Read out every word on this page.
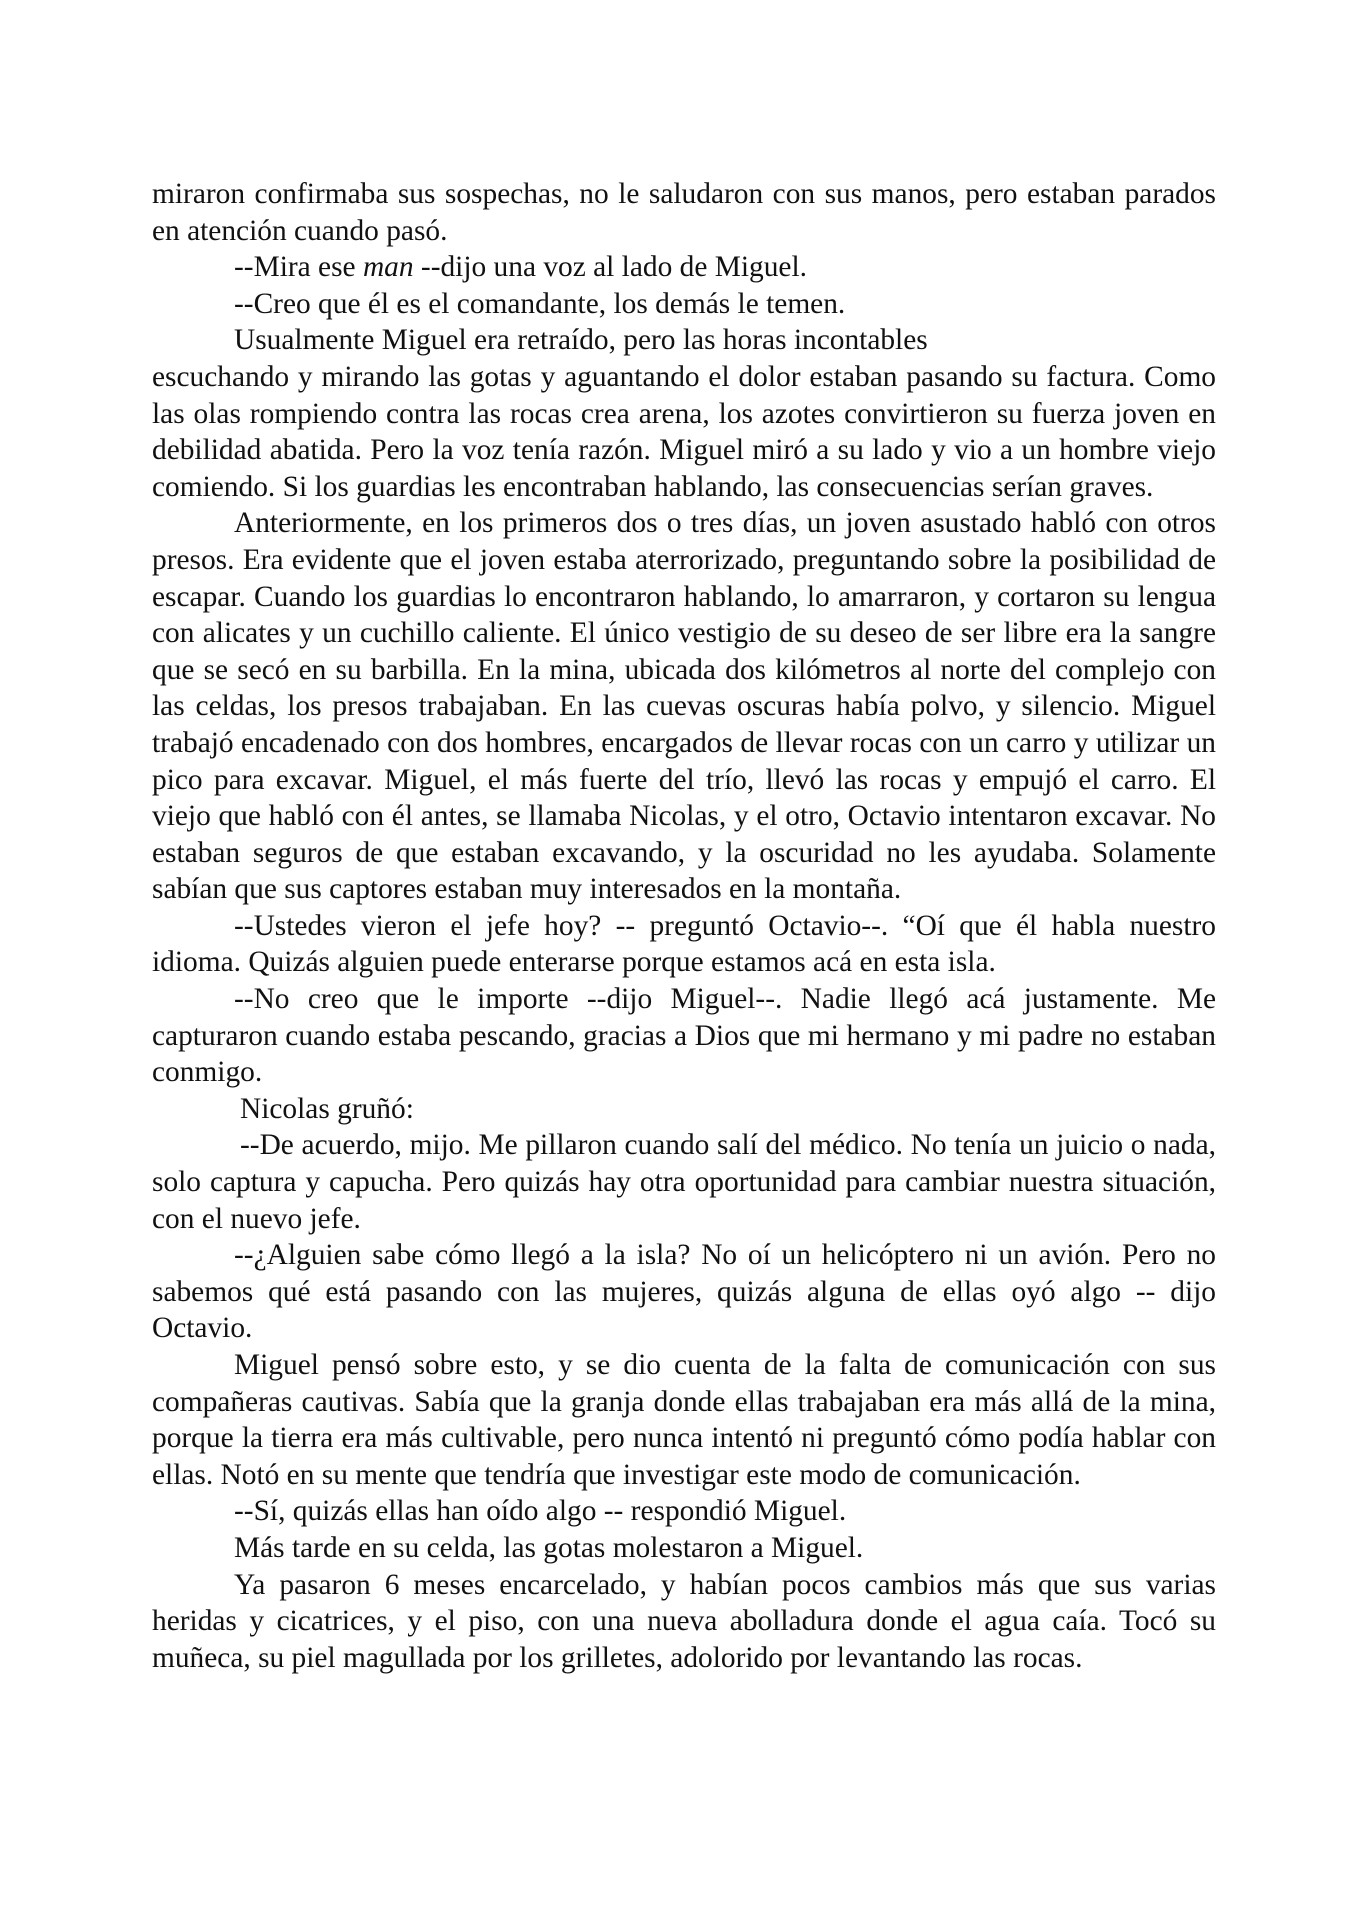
miraron confirmaba sus sospechas, no le saludaron con sus manos, pero estaban parados en atención cuando pasó.

--Mira ese man --dijo una voz al lado de Miguel.

--Creo que él es el comandante, los demás le temen.

Usualmente Miguel era retraído, pero las horas incontablesescuchando y mirando las gotas y aguantando el dolor estaban pasando su factura. Como las olas rompiendo contra las rocas crea arena, los azotes convirtieron su fuerza joven en debilidad abatida. Pero la voz tenía razón. Miguel miró a su lado y vio a un hombre viejo comiendo. Si los guardias les encontraban hablando, las consecuencias serían graves.

Anteriormente, en los primeros dos o tres días, un joven asustado habló con otros presos. Era evidente que el joven estaba aterrorizado, preguntando sobre la posibilidad de escapar. Cuando los guardias lo encontraron hablando, lo amarraron, y cortaron su lengua con alicates y un cuchillo caliente. El único vestigio de su deseo de ser libre era la sangre que se secó en su barbilla. En la mina, ubicada dos kilómetros al norte del complejo con las celdas, los presos trabajaban. En las cuevas oscuras había polvo, y silencio. Miguel trabajó encadenado con dos hombres, encargados de llevar rocas con un carro y utilizar un pico para excavar. Miguel, el más fuerte del trío, llevó las rocas y empujó el carro. El viejo que habló con él antes, se llamaba Nicolas, y el otro, Octavio intentaron excavar. No estaban seguros de que estaban excavando, y la oscuridad no les ayudaba. Solamente sabían que sus captores estaban muy interesados en la montaña.

--Ustedes vieron el jefe hoy? -- preguntó Octavio--. “Oí que él habla nuestro idioma. Quizás alguien puede enterarse porque estamos acá en esta isla.

--No creo que le importe --dijo Miguel--. Nadie llegó acá justamente. Me capturaron cuando estaba pescando, gracias a Dios que mi hermano y mi padre no estaban conmigo.

Nicolas gruñó:

--De acuerdo, mijo. Me pillaron cuando salí del médico. No tenía un juicio o nada, solo captura y capucha. Pero quizás hay otra oportunidad para cambiar nuestra situación, con el nuevo jefe.

--¿Alguien sabe cómo llegó a la isla? No oí un helicóptero ni un avión. Pero no sabemos qué está pasando con las mujeres, quizás alguna de ellas oyó algo -- dijo Octavio.

Miguel pensó sobre esto, y se dio cuenta de la falta de comunicación con sus compañeras cautivas. Sabía que la granja donde ellas trabajaban era más allá de la mina, porque la tierra era más cultivable, pero nunca intentó ni preguntó cómo podía hablar con ellas. Notó en su mente que tendría que investigar este modo de comunicación.

--Sí, quizás ellas han oído algo -- respondió Miguel.

Más tarde en su celda, las gotas molestaron a Miguel.

Ya pasaron 6 meses encarcelado, y habían pocos cambios más que sus varias heridas y cicatrices, y el piso, con una nueva abolladura donde el agua caía. Tocó su muñeca, su piel magullada por los grilletes, adolorido por levantando las rocas.
